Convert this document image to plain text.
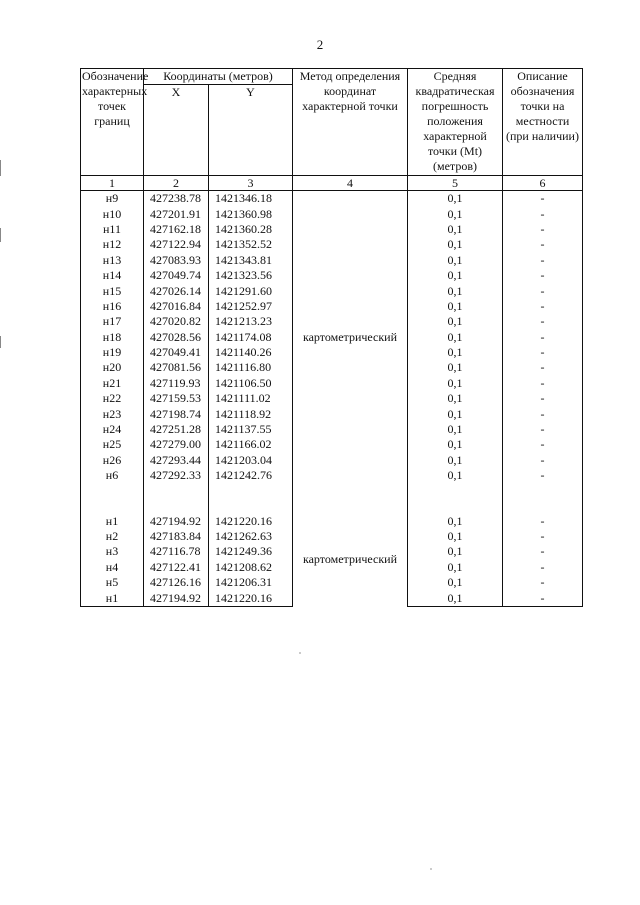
2
Обозначение характерных точек границ	Координаты (метров)		Метод определения координат характерной точки	Средняя квадратическая погрешность положения характерной точки (Mt) (метров)	Описание обозначения точки на местности (при наличии)
	X	Y			
1	2	3	4	5	6
н9	427238.78	1421346.18	картометрический	0,1	-
н10	427201.91	1421360.98		0,1	-
н11	427162.18	1421360.28		0,1	-
н12	427122.94	1421352.52		0,1	-
н13	427083.93	1421343.81		0,1	-
н14	427049.74	1421323.56		0,1	-
н15	427026.14	1421291.60		0,1	-
н16	427016.84	1421252.97		0,1	-
н17	427020.82	1421213.23		0,1	-
н18	427028.56	1421174.08		0,1	-
н19	427049.41	1421140.26		0,1	-
н20	427081.56	1421116.80		0,1	-
н21	427119.93	1421106.50		0,1	-
н22	427159.53	1421111.02		0,1	-
н23	427198.74	1421118.92		0,1	-
н24	427251.28	1421137.55		0,1	-
н25	427279.00	1421166.02		0,1	-
н26	427293.44	1421203.04		0,1	-
н6	427292.33	1421242.76		0,1	-

н1	427194.92	1421220.16	картометрический	0,1	-
н2	427183.84	1421262.63		0,1	-
н3	427116.78	1421249.36		0,1	-
н4	427122.41	1421208.62		0,1	-
н5	427126.16	1421206.31		0,1	-
н1	427194.92	1421220.16		0,1	-
